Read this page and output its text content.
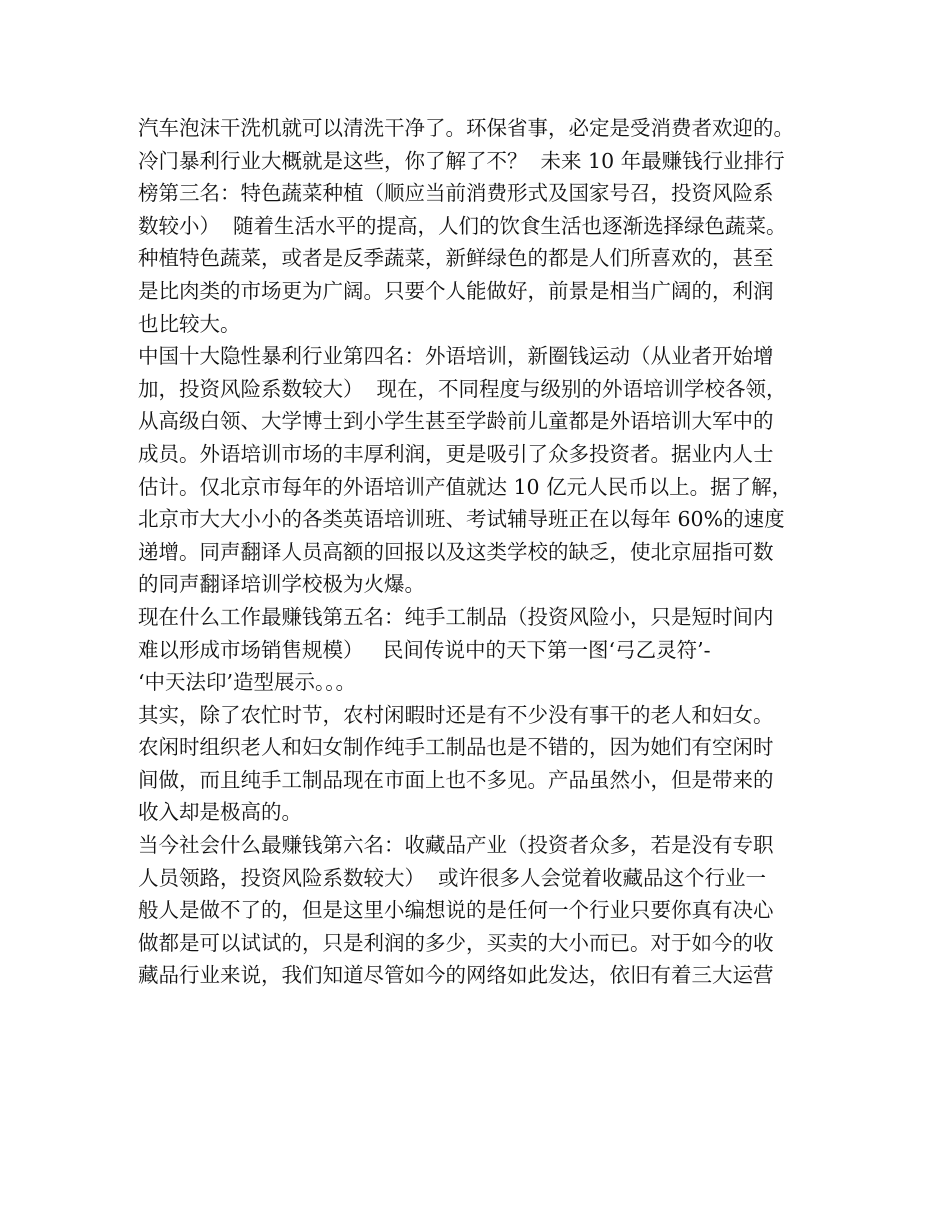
汽车泡沫干洗机就可以清洗干净了。环保省事，必定是受消费者欢迎的。
冷门暴利行业大概就是这些，你了解了不？  未来 10 年最赚钱行业排行
榜第三名：特色蔬菜种植（顺应当前消费形式及国家号召，投资风险系
数较小）  随着生活水平的提高，人们的饮食生活也逐渐选择绿色蔬菜。
种植特色蔬菜，或者是反季蔬菜，新鲜绿色的都是人们所喜欢的，甚至
是比肉类的市场更为广阔。只要个人能做好，前景是相当广阔的，利润
也比较大。
中国十大隐性暴利行业第四名：外语培训，新圈钱运动（从业者开始增
加，投资风险系数较大）  现在，不同程度与级别的外语培训学校各领，
从高级白领、大学博士到小学生甚至学龄前儿童都是外语培训大军中的
成员。外语培训市场的丰厚利润，更是吸引了众多投资者。据业内人士
估计。仅北京市每年的外语培训产值就达 10 亿元人民币以上。据了解，
北京市大大小小的各类英语培训班、考试辅导班正在以每年 60%的速度
递增。同声翻译人员高额的回报以及这类学校的缺乏，使北京屈指可数
的同声翻译培训学校极为火爆。
现在什么工作最赚钱第五名：纯手工制品（投资风险小，只是短时间内
难以形成市场销售规模）   民间传说中的天下第一图‘弓乙灵符’-
‘中天法印’造型展示。。。
其实，除了农忙时节，农村闲暇时还是有不少没有事干的老人和妇女。
农闲时组织老人和妇女制作纯手工制品也是不错的，因为她们有空闲时
间做，而且纯手工制品现在市面上也不多见。产品虽然小，但是带来的
收入却是极高的。
当今社会什么最赚钱第六名：收藏品产业（投资者众多，若是没有专职
人员领路，投资风险系数较大）  或许很多人会觉着收藏品这个行业一
般人是做不了的，但是这里小编想说的是任何一个行业只要你真有决心
做都是可以试试的，只是利润的多少，买卖的大小而已。对于如今的收
藏品行业来说，我们知道尽管如今的网络如此发达，依旧有着三大运营
